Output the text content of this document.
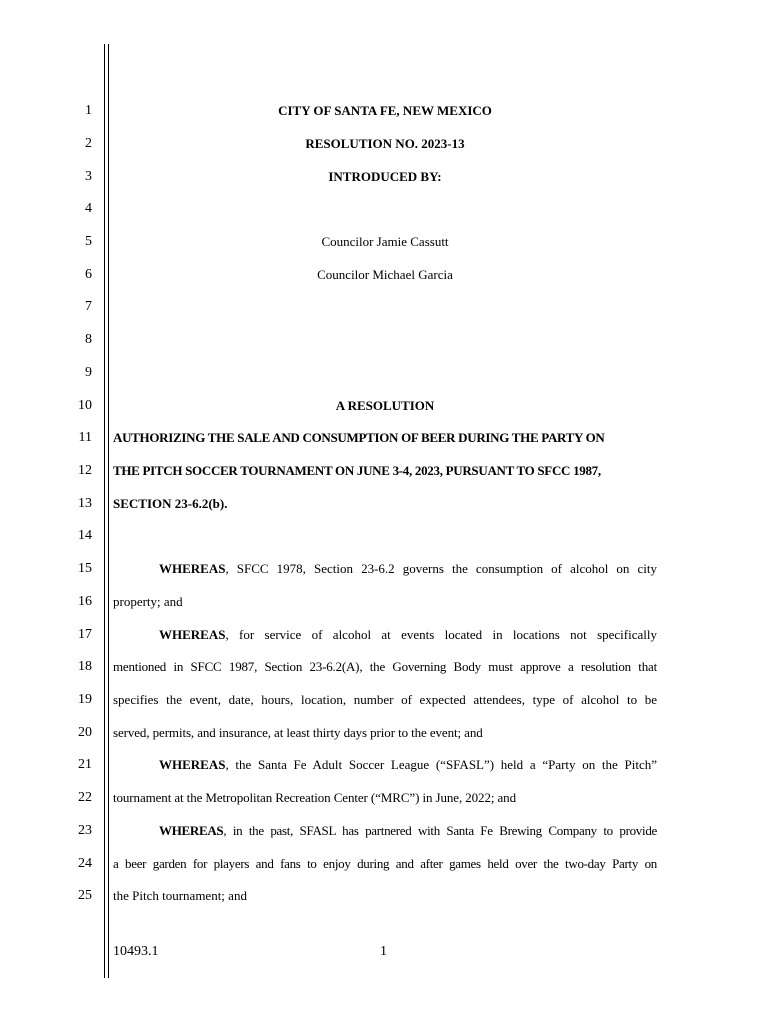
1
2
3
4
5
6
7
8
9
10
11
12
13
14
15
16
17
18
19
20
21
22
23
24
25
CITY OF SANTA FE, NEW MEXICO
RESOLUTION NO. 2023-13
INTRODUCED BY:
Councilor Jamie Cassutt
Councilor Michael Garcia
A RESOLUTION
AUTHORIZING THE SALE AND CONSUMPTION OF BEER DURING THE PARTY ON
THE PITCH SOCCER TOURNAMENT ON JUNE 3-4, 2023, PURSUANT TO SFCC 1987,
SECTION 23-6.2(b).
WHEREAS, SFCC 1978, Section 23-6.2 governs the consumption of alcohol on city
property; and
WHEREAS, for service of alcohol at events located in locations not specifically
mentioned in SFCC 1987, Section 23-6.2(A), the Governing Body must approve a resolution that
specifies the event, date, hours, location, number of expected attendees, type of alcohol to be
served, permits, and insurance, at least thirty days prior to the event; and
WHEREAS, the Santa Fe Adult Soccer League (“SFASL”) held a “Party on the Pitch”
tournament at the Metropolitan Recreation Center (“MRC”) in June, 2022; and
WHEREAS, in the past, SFASL has partnered with Santa Fe Brewing Company to provide
a beer garden for players and fans to enjoy during and after games held over the two-day Party on
the Pitch tournament; and
10493.1	1
